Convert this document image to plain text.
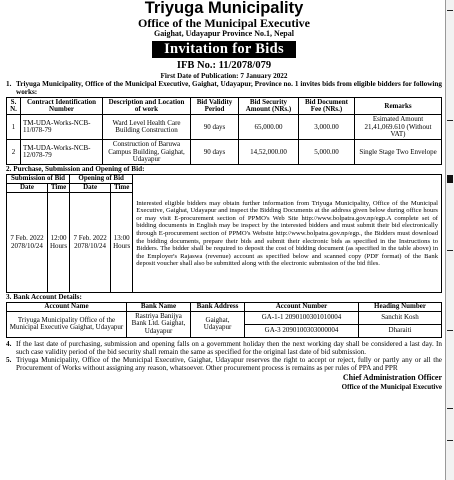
Triyuga Municipality
Office of the Municipal Executive
Gaighat, Udayapur Province No.1, Nepal
Invitation for Bids
IFB No.: 11/2078/079
First Date of Publication: 7 January 2022
1. Triyuga Municipality, Office of the Municipal Executive, Gaighat, Udayapur, Province no. 1 invites bids from eligible bidders for following works:
S. N.	Contract Identification Number	Description and Location of work	Bid Validity Period	Bid Security Amount (NRs.)	Bid Document Fee (NRs.)	Remarks
1	TM-UDA-Works-NCB-11/078-79	Ward Level Health Care Building Construction	90 days	65,000.00	3,000.00	Esimated Amount 21,41,069.610 (Without VAT)
2	TM-UDA-Works-NCB-12/078-79	Construction of Baruwa Campus Building, Gaighat, Udayapur	90 days	14,52,000.00	5,000.00	Single Stage Two Envelope
2. Purchase, Submission and Opening of Bid:
Submission of Bid		Opening of Bid		Interested eligible bidders may obtain further information from Triyuga Municipality, Office of the Municipal Executive, Gaighat, Udayapur and inspect the Bidding Documents at the address given below during office hours or may visit E-procurement section of PPMO's Web Site http://www.bolpatra.gov.np/egp.A complete set of bidding documents in English may be inspect by the interested bidders and must submit their bid electronically through E-procurement section of PPMO's Website http://www.bolpatra.gov.np/egp., the Bidders must download the bidding documents, prepare their bids and submit their electronic bids as specified in the Instructions to Bidders. The bidder shall be required to deposit the cost of bidding document (as specified in the table above) in the Employer's Rajaswa (revenue) account as specified below and scanned copy (PDF format) of the Bank deposit voucher shall also be submitted along with the electronic submission of the bid files.
Date	Time	Date	Time	
7 Feb. 2022 2078/10/24	12:00 Hours	7 Feb. 2022 2078/10/24	13:00 Hours	
3. Bank Account Details:
Account Name	Bank Name	Bank Address	Account Number	Heading Number
Triyuga Municipality Office of the Municipal Executive Gaighat, Udayapur	Rastriya Banijya Bank Ltd. Gaighat, Udayapur	Gaighat, Udayapur	GA-1-1 2090100301010004	Sanchit Kosh
			GA-3 2090100303000004	Dharaiti
4. If the last date of purchasing, submission and opening falls on a government holiday then the next working day shall be considered a last day. In such case validity period of the bid security shall remain the same as specified for the original last date of bid submission.
5. Triyuga Municipality, Office of the Municipal Executive, Gaighat, Udayapur reserves the right to accept or reject, fully or partly any or all the Procurement of Works without assigning any reason, whatsoever. Other procurement process is remains as per rules of PPA and PPR
Chief Administration Officer
Office of the Municipal Executive
